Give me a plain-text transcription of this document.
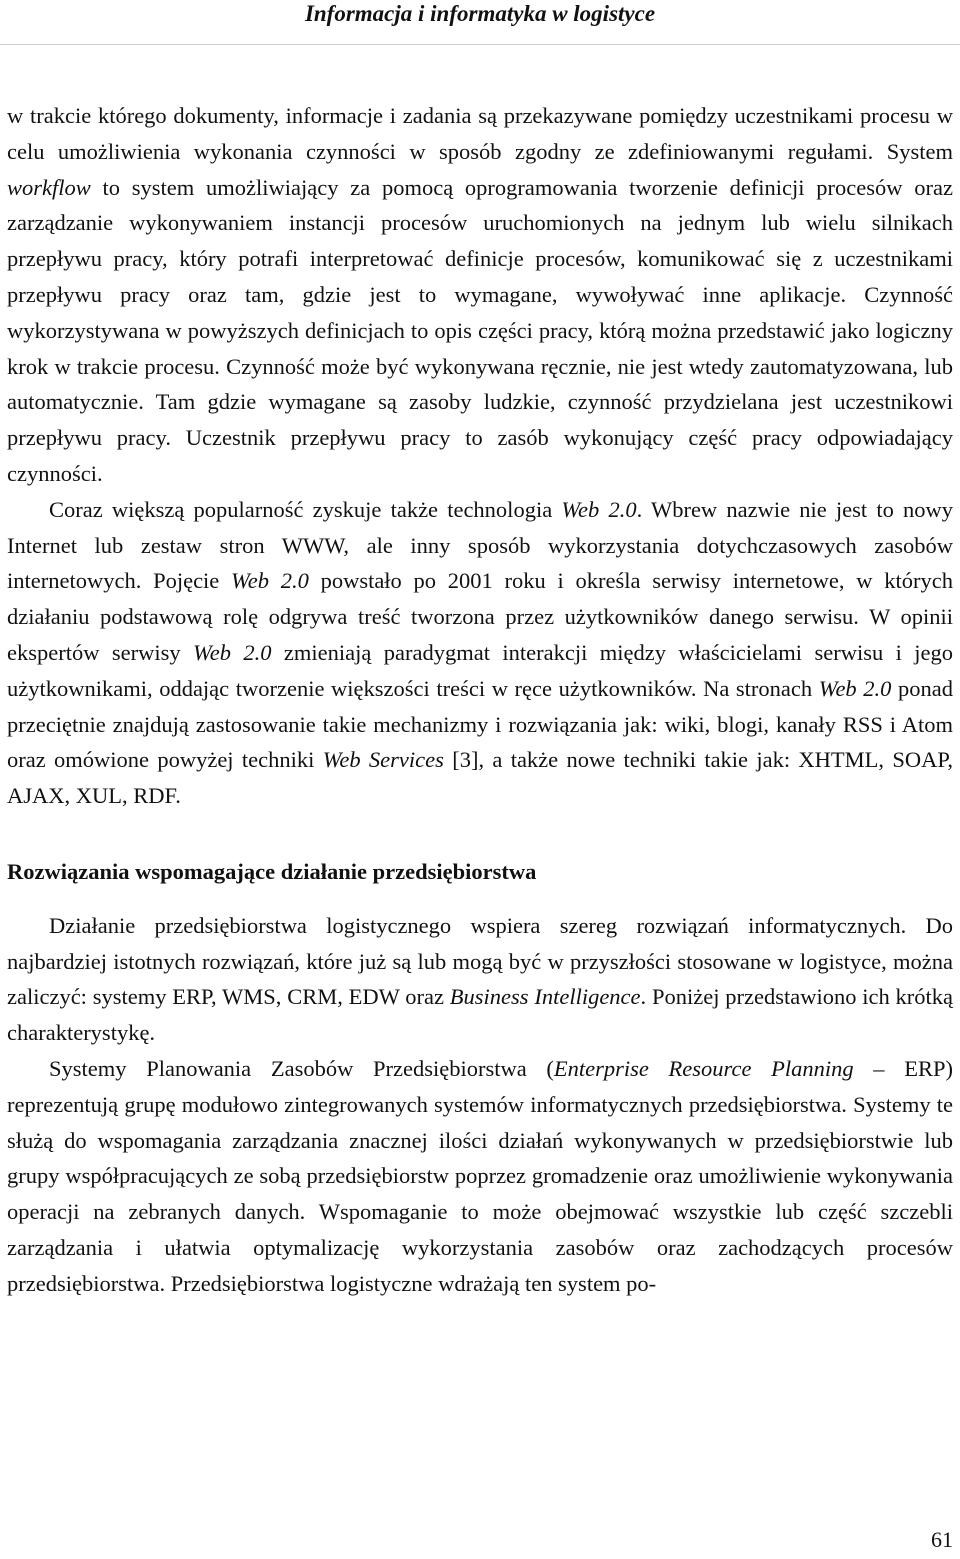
Informacja i informatyka w logistyce

w trakcie którego dokumenty, informacje i zadania są przekazywane pomiędzy uczestnikami procesu w celu umożliwienia wykonania czynności w sposób zgodny ze zdefiniowanymi regułami. System workflow to system umożliwiający za pomocą oprogramowania tworzenie definicji procesów oraz zarządzanie wykonywaniem instancji procesów uruchomionych na jednym lub wielu silnikach przepływu pracy, który potrafi interpretować definicje procesów, komunikować się z uczestnikami przepływu pracy oraz tam, gdzie jest to wymagane, wywoływać inne aplikacje. Czynność wykorzystywana w powyższych definicjach to opis części pracy, którą można przedstawić jako logiczny krok w trakcie procesu. Czynność może być wykonywana ręcznie, nie jest wtedy zautomatyzowana, lub automatycznie. Tam gdzie wymagane są zasoby ludzkie, czynność przydzielana jest uczestnikowi przepływu pracy. Uczestnik przepływu pracy to zasób wykonujący część pracy odpowiadający czynności.

Coraz większą popularność zyskuje także technologia Web 2.0. Wbrew nazwie nie jest to nowy Internet lub zestaw stron WWW, ale inny sposób wykorzystania dotychczasowych zasobów internetowych. Pojęcie Web 2.0 powstało po 2001 roku i określa serwisy internetowe, w których działaniu podstawową rolę odgrywa treść tworzona przez użytkowników danego serwisu. W opinii ekspertów serwisy Web 2.0 zmieniają paradygmat interakcji między właścicielami serwisu i jego użytkownikami, oddając tworzenie większości treści w ręce użytkowników. Na stronach Web 2.0 ponad przeciętnie znajdują zastosowanie takie mechanizmy i rozwiązania jak: wiki, blogi, kanały RSS i Atom oraz omówione powyżej techniki Web Services [3], a także nowe techniki takie jak: XHTML, SOAP, AJAX, XUL, RDF.

Rozwiązania wspomagające działanie przedsiębiorstwa

Działanie przedsiębiorstwa logistycznego wspiera szereg rozwiązań informatycznych. Do najbardziej istotnych rozwiązań, które już są lub mogą być w przyszłości stosowane w logistyce, można zaliczyć: systemy ERP, WMS, CRM, EDW oraz Business Intelligence. Poniżej przedstawiono ich krótką charakterystykę.

Systemy Planowania Zasobów Przedsiębiorstwa (Enterprise Resource Planning – ERP) reprezentują grupę modułowo zintegrowanych systemów informatycznych przedsiębiorstwa. Systemy te służą do wspomagania zarządzania znacznej ilości działań wykonywanych w przedsiębiorstwie lub grupy współpracujących ze sobą przedsiębiorstw poprzez gromadzenie oraz umożliwienie wykonywania operacji na zebranych danych. Wspomaganie to może obejmować wszystkie lub część szczebli zarządzania i ułatwia optymalizację wykorzystania zasobów oraz zachodzących procesów przedsiębiorstwa. Przedsiębiorstwa logistyczne wdrażają ten system po-

61
